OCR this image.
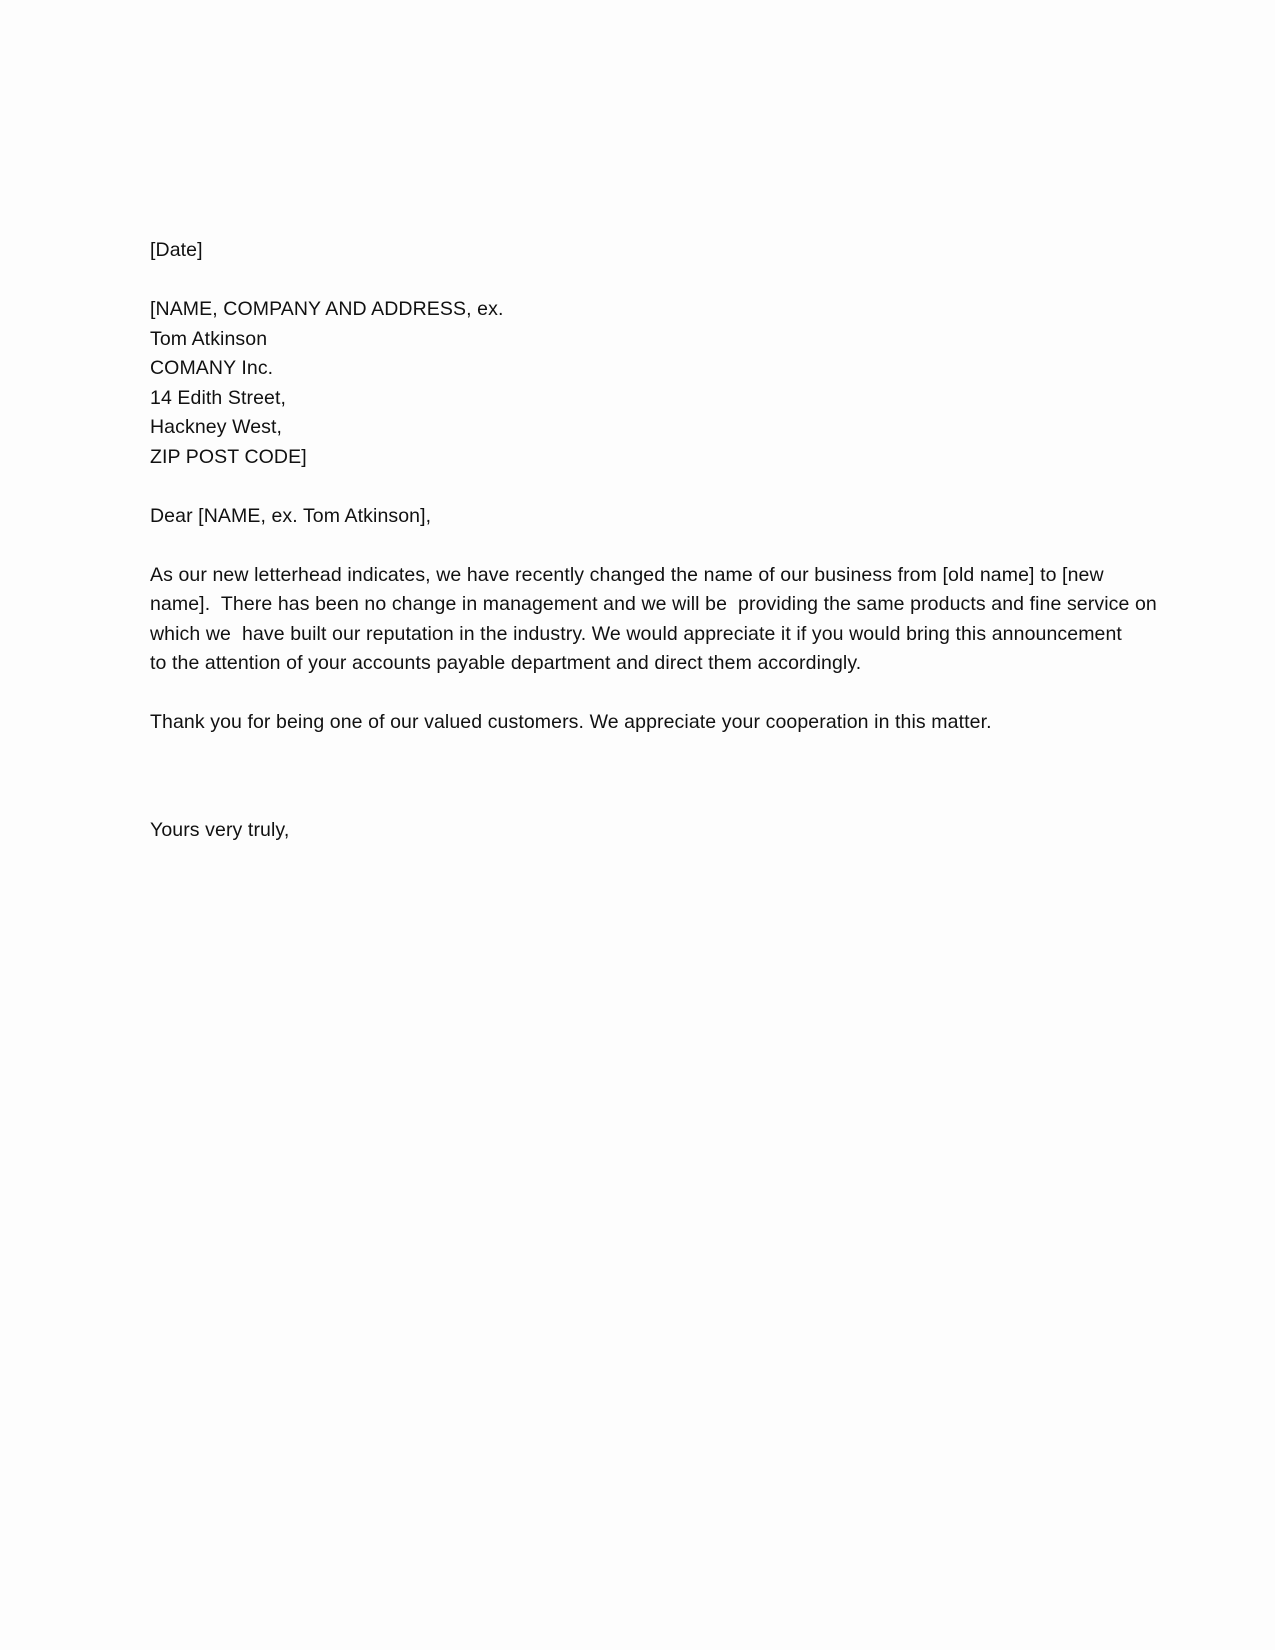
[Date]
[NAME, COMPANY AND ADDRESS, ex.
Tom Atkinson
COMANY Inc.
14 Edith Street,
Hackney West,
ZIP POST CODE]
Dear [NAME, ex. Tom Atkinson],
As our new letterhead indicates, we have recently changed the name of our business from [old name] to [new
name].  There has been no change in management and we will be  providing the same products and fine service on
which we  have built our reputation in the industry. We would appreciate it if you would bring this announcement
to the attention of your accounts payable department and direct them accordingly.
Thank you for being one of our valued customers. We appreciate your cooperation in this matter.
Yours very truly,
